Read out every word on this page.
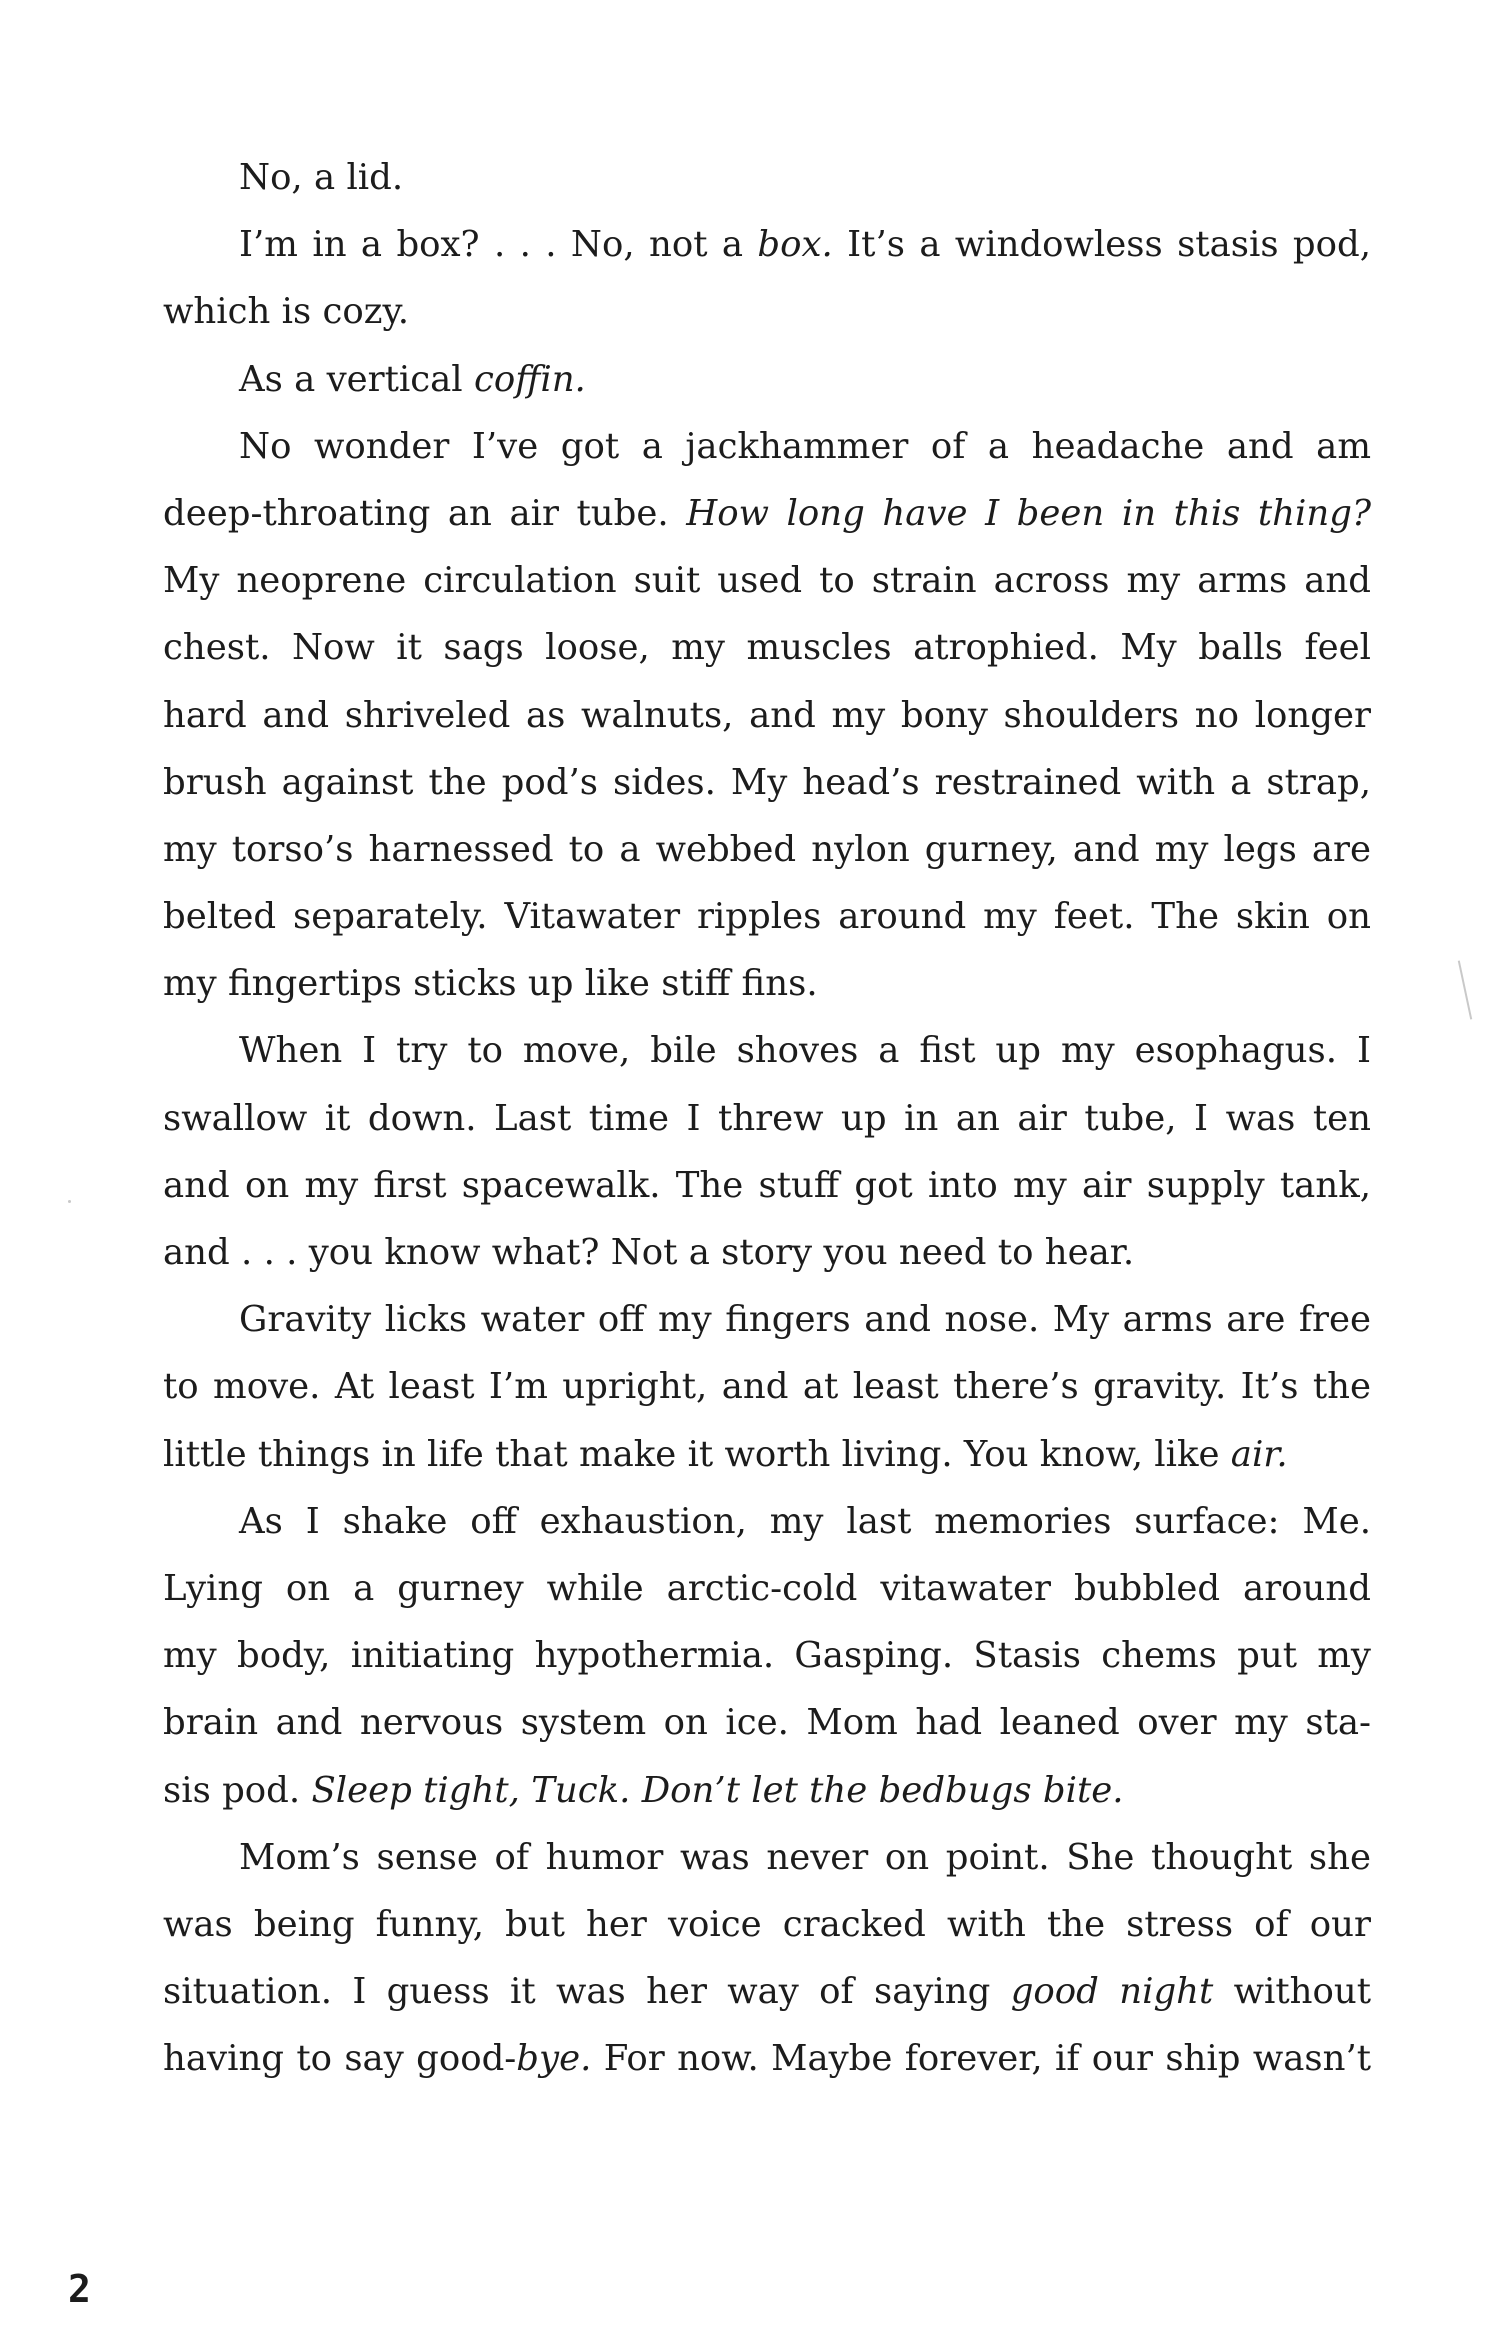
No, a lid.
I’m in a box? . . . No, not a box. It’s a windowless stasis pod,
which is cozy.
As a vertical coffin.
No wonder I’ve got a jackhammer of a headache and am
deep-throating an air tube. How long have I been in this thing?
My neoprene circulation suit used to strain across my arms and
chest. Now it sags loose, my muscles atrophied. My balls feel
hard and shriveled as walnuts, and my bony shoulders no longer
brush against the pod’s sides. My head’s restrained with a strap,
my torso’s harnessed to a webbed nylon gurney, and my legs are
belted separately. Vitawater ripples around my feet. The skin on
my fingertips sticks up like stiff fins.
When I try to move, bile shoves a fist up my esophagus. I
swallow it down. Last time I threw up in an air tube, I was ten
and on my first spacewalk. The stuff got into my air supply tank,
and . . . you know what? Not a story you need to hear.
Gravity licks water off my fingers and nose. My arms are free
to move. At least I’m upright, and at least there’s gravity. It’s the
little things in life that make it worth living. You know, like air.
As I shake off exhaustion, my last memories surface: Me.
Lying on a gurney while arctic-cold vitawater bubbled around
my body, initiating hypothermia. Gasping. Stasis chems put my
brain and nervous system on ice. Mom had leaned over my sta-
sis pod. Sleep tight, Tuck. Don’t let the bedbugs bite.
Mom’s sense of humor was never on point. She thought she
was being funny, but her voice cracked with the stress of our
situation. I guess it was her way of saying good night without
having to say good-bye. For now. Maybe forever, if our ship wasn’t
2
